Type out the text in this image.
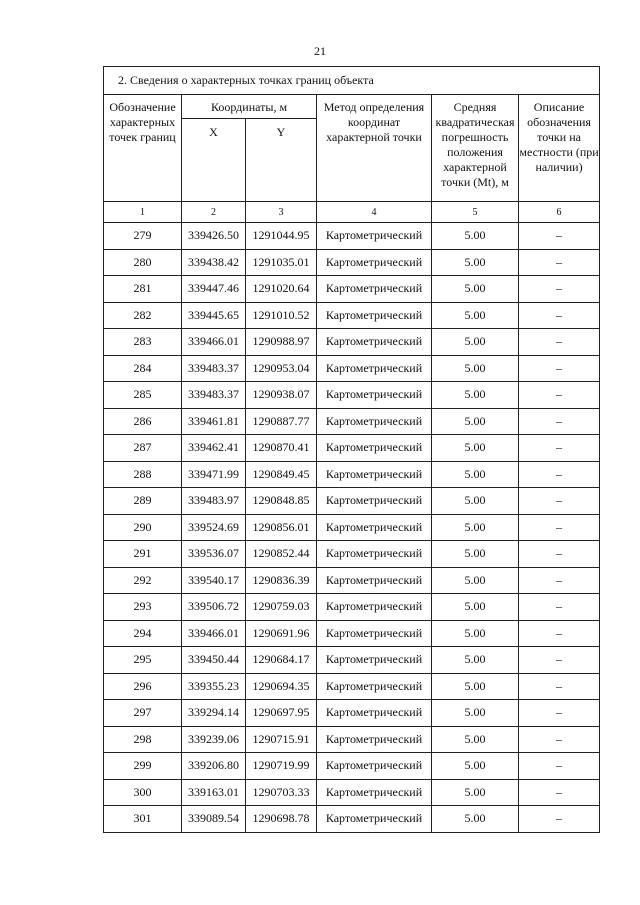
21
2. Сведения о характерных точках границ объекта					
Обозначение характерных точек границ	Координаты, м		Метод определения координат характерной точки	Средняя квадратическая погрешность положения характерной точки (Mt), м	Описание обозначения точки на местности (при наличии)
	X	Y			
1	2	3	4	5	6
279	339426.50	1291044.95	Картометрический	5.00	–
280	339438.42	1291035.01	Картометрический	5.00	–
281	339447.46	1291020.64	Картометрический	5.00	–
282	339445.65	1291010.52	Картометрический	5.00	–
283	339466.01	1290988.97	Картометрический	5.00	–
284	339483.37	1290953.04	Картометрический	5.00	–
285	339483.37	1290938.07	Картометрический	5.00	–
286	339461.81	1290887.77	Картометрический	5.00	–
287	339462.41	1290870.41	Картометрический	5.00	–
288	339471.99	1290849.45	Картометрический	5.00	–
289	339483.97	1290848.85	Картометрический	5.00	–
290	339524.69	1290856.01	Картометрический	5.00	–
291	339536.07	1290852.44	Картометрический	5.00	–
292	339540.17	1290836.39	Картометрический	5.00	–
293	339506.72	1290759.03	Картометрический	5.00	–
294	339466.01	1290691.96	Картометрический	5.00	–
295	339450.44	1290684.17	Картометрический	5.00	–
296	339355.23	1290694.35	Картометрический	5.00	–
297	339294.14	1290697.95	Картометрический	5.00	–
298	339239.06	1290715.91	Картометрический	5.00	–
299	339206.80	1290719.99	Картометрический	5.00	–
300	339163.01	1290703.33	Картометрический	5.00	–
301	339089.54	1290698.78	Картометрический	5.00	–
